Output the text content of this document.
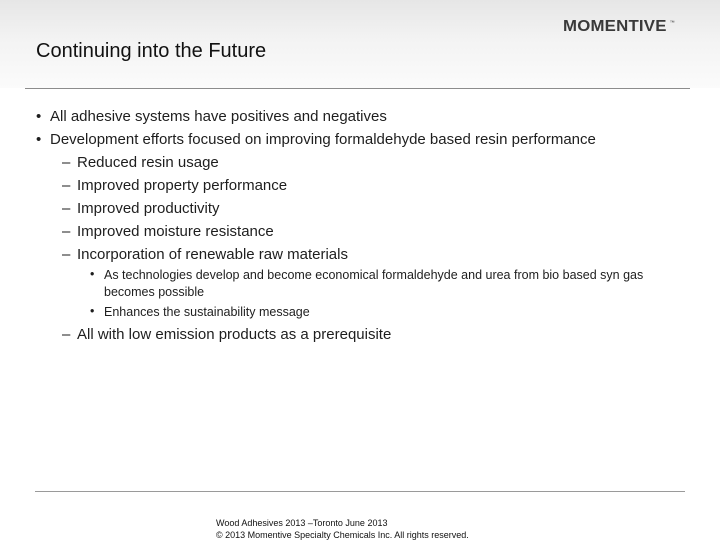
Continuing into the Future
MOMENTIVE ™
• All adhesive systems have positives and negatives
• Development efforts focused on improving formaldehyde based resin performance
– Reduced resin usage
– Improved property performance
– Improved productivity
– Improved moisture resistance
– Incorporation of renewable raw materials
• As technologies develop and become economical formaldehyde and urea from bio based syn gas becomes possible
• Enhances the sustainability message
– All with low emission products as a prerequisite
Wood Adhesives 2013 –Toronto June 2013
© 2013 Momentive Specialty Chemicals Inc. All rights reserved.
